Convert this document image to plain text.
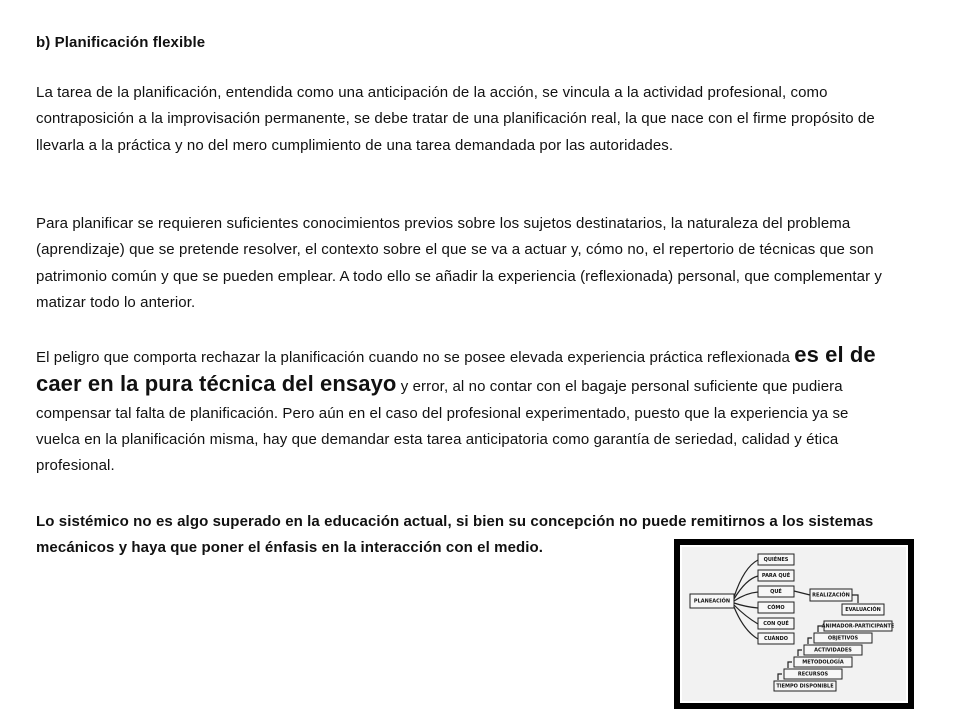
b) Planificación flexible
La tarea de la planificación, entendida como una anticipación de la acción, se vincula a la actividad profesional, como contraposición a la improvisación permanente, se debe tratar de una planificación real, la que nace con el firme propósito de llevarla a la práctica y no del mero cumplimiento de una tarea demandada por las autoridades.
Para planificar se requieren suficientes conocimientos previos sobre los sujetos destinatarios, la naturaleza del problema (aprendizaje) que se pretende resolver, el contexto sobre el que se va a actuar y, cómo no, el repertorio de técnicas que son patrimonio común y que se pueden emplear. A todo ello se añadir la experiencia (reflexionada) personal, que complementar y matizar todo lo anterior.
El peligro que comporta rechazar la planificación cuando no se posee elevada experiencia práctica reflexionada es el de caer en la pura técnica del ensayo y error, al no contar con el bagaje personal suficiente que pudiera compensar tal falta de planificación. Pero aún en el caso del profesional experimentado, puesto que la experiencia ya se vuelca en la planificación misma, hay que demandar esta tarea anticipatoria como garantía de seriedad, calidad y ética profesional.
Lo sistémico no es algo superado en la educación actual, si bien su concepción no puede remitirnos a los sistemas mecánicos y haya que poner el énfasis en la interacción con el medio.
PLANEACIÓN
QUIÉNES
PARA QUÉ
QUÉ
CÓMO
CON QUÉ
CUÁNDO
REALIZACIÓN
EVALUACIÓN
ANIMADOR-PARTICIPANTE
OBJETIVOS
ACTIVIDADES
METODOLOGÍA
RECURSOS
TIEMPO DISPONIBLE
